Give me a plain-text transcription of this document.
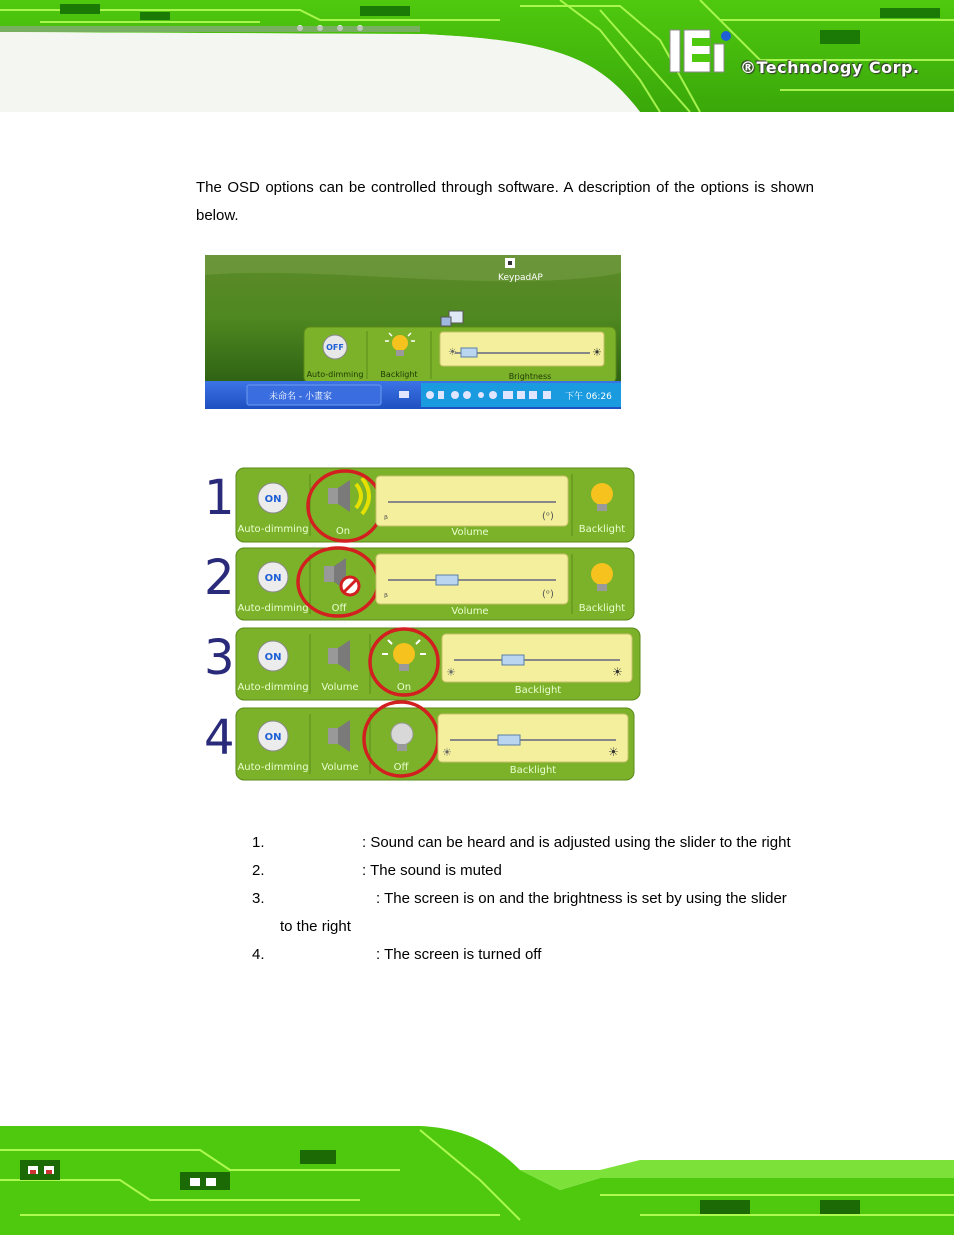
®Technology Corp.
The OSD options can be controlled through software. A description of the options is shown below.
KeypadAP
OFF
Auto-dimming Backlight
☀	☀
Brightness
未命名 - 小畫家	下午 06:26
1	ON
Auto-dimming	On
ᵦ	(ᵒ)
Volume	Backlight
2	ON
Auto-dimming Off
ᵦ	(ᵒ)
Volume	Backlight
3	ON
Auto-dimming Volume	On
☀	☀
Backlight
4	ON
Auto-dimming Volume	Off
☀	☀
Backlight
1.	: Sound can be heard and is adjusted using the slider to the right
2.	: The sound is muted
3.	: The screen is on and the brightness is set by using the slider
to the right
4.	: The screen is turned off
